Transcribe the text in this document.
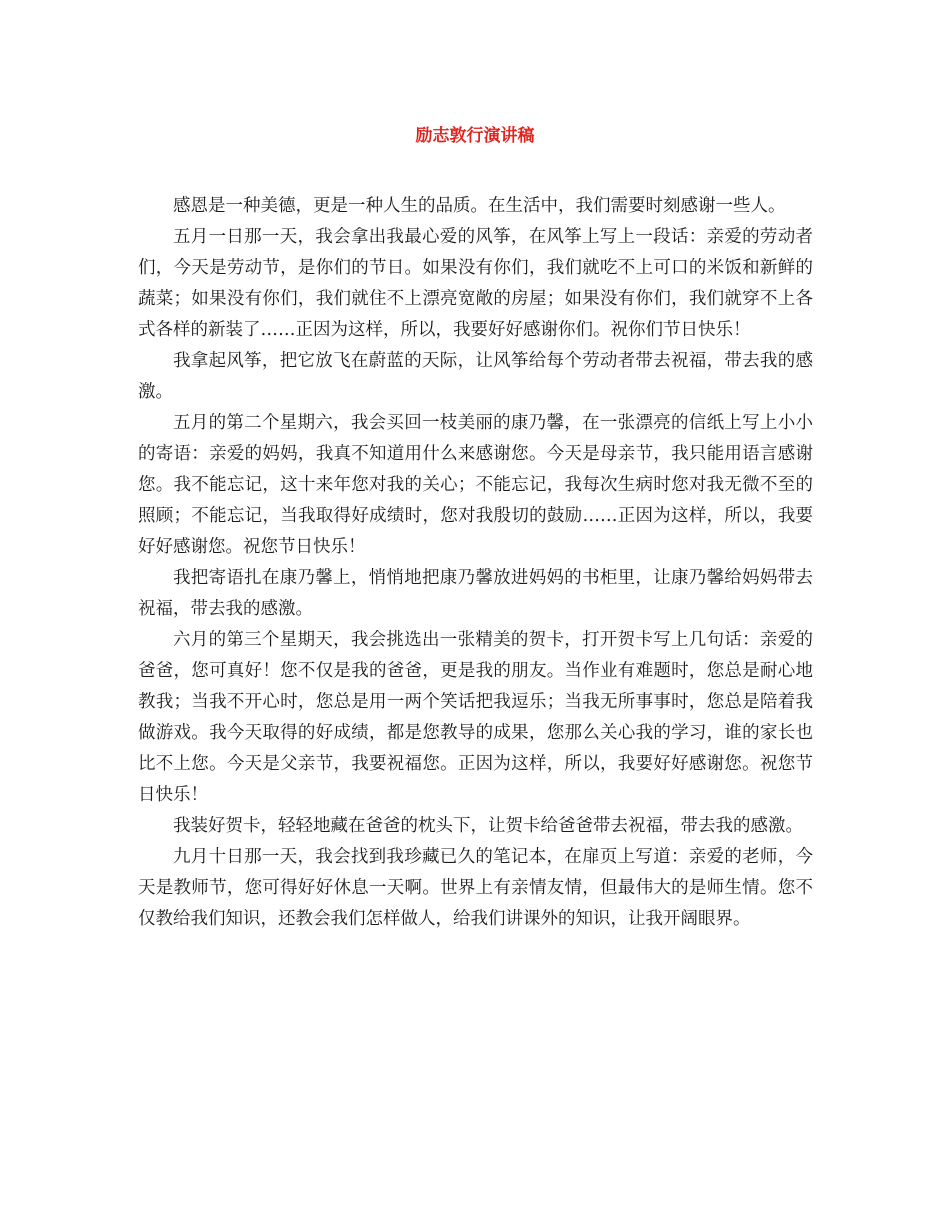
励志敦行演讲稿

感恩是一种美德，更是一种人生的品质。在生活中，我们需要时刻感谢一些人。

五月一日那一天，我会拿出我最心爱的风筝，在风筝上写上一段话：亲爱的劳动者们，今天是劳动节，是你们的节日。如果没有你们，我们就吃不上可口的米饭和新鲜的蔬菜；如果没有你们，我们就住不上漂亮宽敞的房屋；如果没有你们，我们就穿不上各式各样的新装了……正因为这样，所以，我要好好感谢你们。祝你们节日快乐！

我拿起风筝，把它放飞在蔚蓝的天际，让风筝给每个劳动者带去祝福，带去我的感激。

五月的第二个星期六，我会买回一枝美丽的康乃馨，在一张漂亮的信纸上写上小小的寄语：亲爱的妈妈，我真不知道用什么来感谢您。今天是母亲节，我只能用语言感谢您。我不能忘记，这十来年您对我的关心；不能忘记，我每次生病时您对我无微不至的照顾；不能忘记，当我取得好成绩时，您对我殷切的鼓励……正因为这样，所以，我要好好感谢您。祝您节日快乐！

我把寄语扎在康乃馨上，悄悄地把康乃馨放进妈妈的书柜里，让康乃馨给妈妈带去祝福，带去我的感激。

六月的第三个星期天，我会挑选出一张精美的贺卡，打开贺卡写上几句话：亲爱的爸爸，您可真好！您不仅是我的爸爸，更是我的朋友。当作业有难题时，您总是耐心地教我；当我不开心时，您总是用一两个笑话把我逗乐；当我无所事事时，您总是陪着我做游戏。我今天取得的好成绩，都是您教导的成果，您那么关心我的学习，谁的家长也比不上您。今天是父亲节，我要祝福您。正因为这样，所以，我要好好感谢您。祝您节日快乐！

我装好贺卡，轻轻地藏在爸爸的枕头下，让贺卡给爸爸带去祝福，带去我的感激。

九月十日那一天，我会找到我珍藏已久的笔记本，在扉页上写道：亲爱的老师，今天是教师节，您可得好好休息一天啊。世界上有亲情友情，但最伟大的是师生情。您不仅教给我们知识，还教会我们怎样做人，给我们讲课外的知识，让我开阔眼界。
